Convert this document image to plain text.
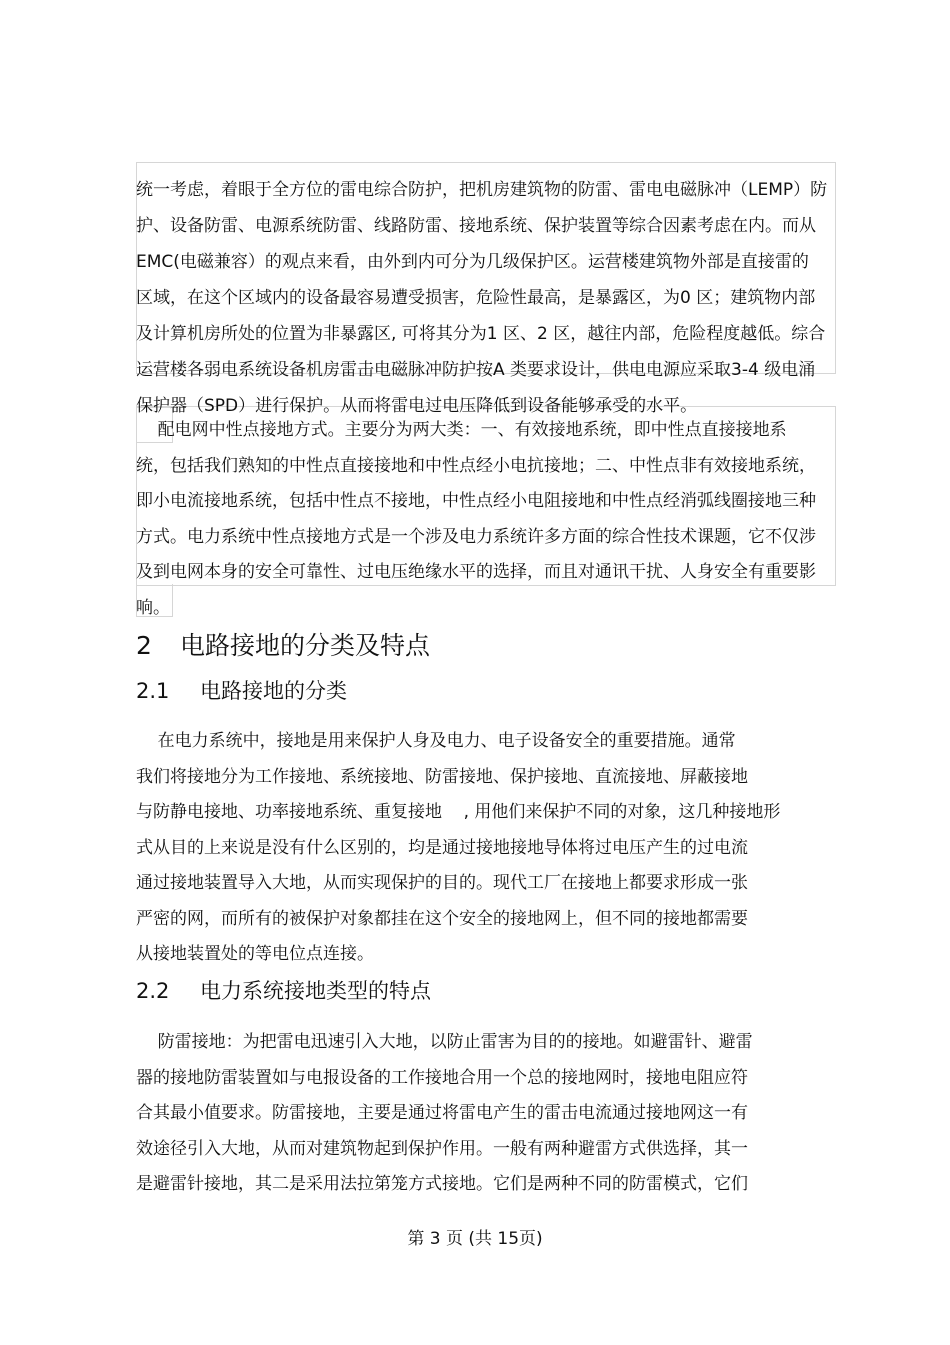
统一考虑，着眼于全方位的雷电综合防护，把机房建筑物的防雷、雷电电磁脉冲（LEMP）防
护、设备防雷、电源系统防雷、线路防雷、接地系统、保护装置等综合因素考虑在内。而从
EMC(电磁兼容）的观点来看，由外到内可分为几级保护区。运营楼建筑物外部是直接雷的
区域，在这个区域内的设备最容易遭受损害，危险性最高，是暴露区，为0 区；建筑物内部
及计算机房所处的位置为非暴露区, 可将其分为1 区、2 区，越往内部，危险程度越低。综合
运营楼各弱电系统设备机房雷击电磁脉冲防护按A 类要求设计，供电电源应采取3-4 级电涌
保护器（SPD）进行保护。从而将雷电过电压降低到设备能够承受的水平。

配电网中性点接地方式。主要分为两大类：一、有效接地系统，即中性点直接接地系
统，包括我们熟知的中性点直接接地和中性点经小电抗接地；二、中性点非有效接地系统，
即小电流接地系统，包括中性点不接地，中性点经小电阻接地和中性点经消弧线圈接地三种
方式。电力系统中性点接地方式是一个涉及电力系统许多方面的综合性技术课题，它不仅涉
及到电网本身的安全可靠性、过电压绝缘水平的选择，而且对通讯干扰、人身安全有重要影
响。

2 电路接地的分类及特点
2.1 电路接地的分类

在电力系统中，接地是用来保护人身及电力、电子设备安全的重要措施。通常
我们将接地分为工作接地、系统接地、防雷接地、保护接地、直流接地、屏蔽接地
与防静电接地、功率接地系统、重复接地    , 用他们来保护不同的对象，这几种接地形
式从目的上来说是没有什么区别的，均是通过接地接地导体将过电压产生的过电流
通过接地装置导入大地，从而实现保护的目的。现代工厂在接地上都要求形成一张
严密的网，而所有的被保护对象都挂在这个安全的接地网上，但不同的接地都需要
从接地装置处的等电位点连接。

2.2 电力系统接地类型的特点

防雷接地：为把雷电迅速引入大地，以防止雷害为目的的接地。如避雷针、避雷
器的接地防雷装置如与电报设备的工作接地合用一个总的接地网时，接地电阻应符
合其最小值要求。防雷接地，主要是通过将雷电产生的雷击电流通过接地网这一有
效途径引入大地，从而对建筑物起到保护作用。一般有两种避雷方式供选择，其一
是避雷针接地，其二是采用法拉第笼方式接地。它们是两种不同的防雷模式，它们

第 3 页 (共 15页)
